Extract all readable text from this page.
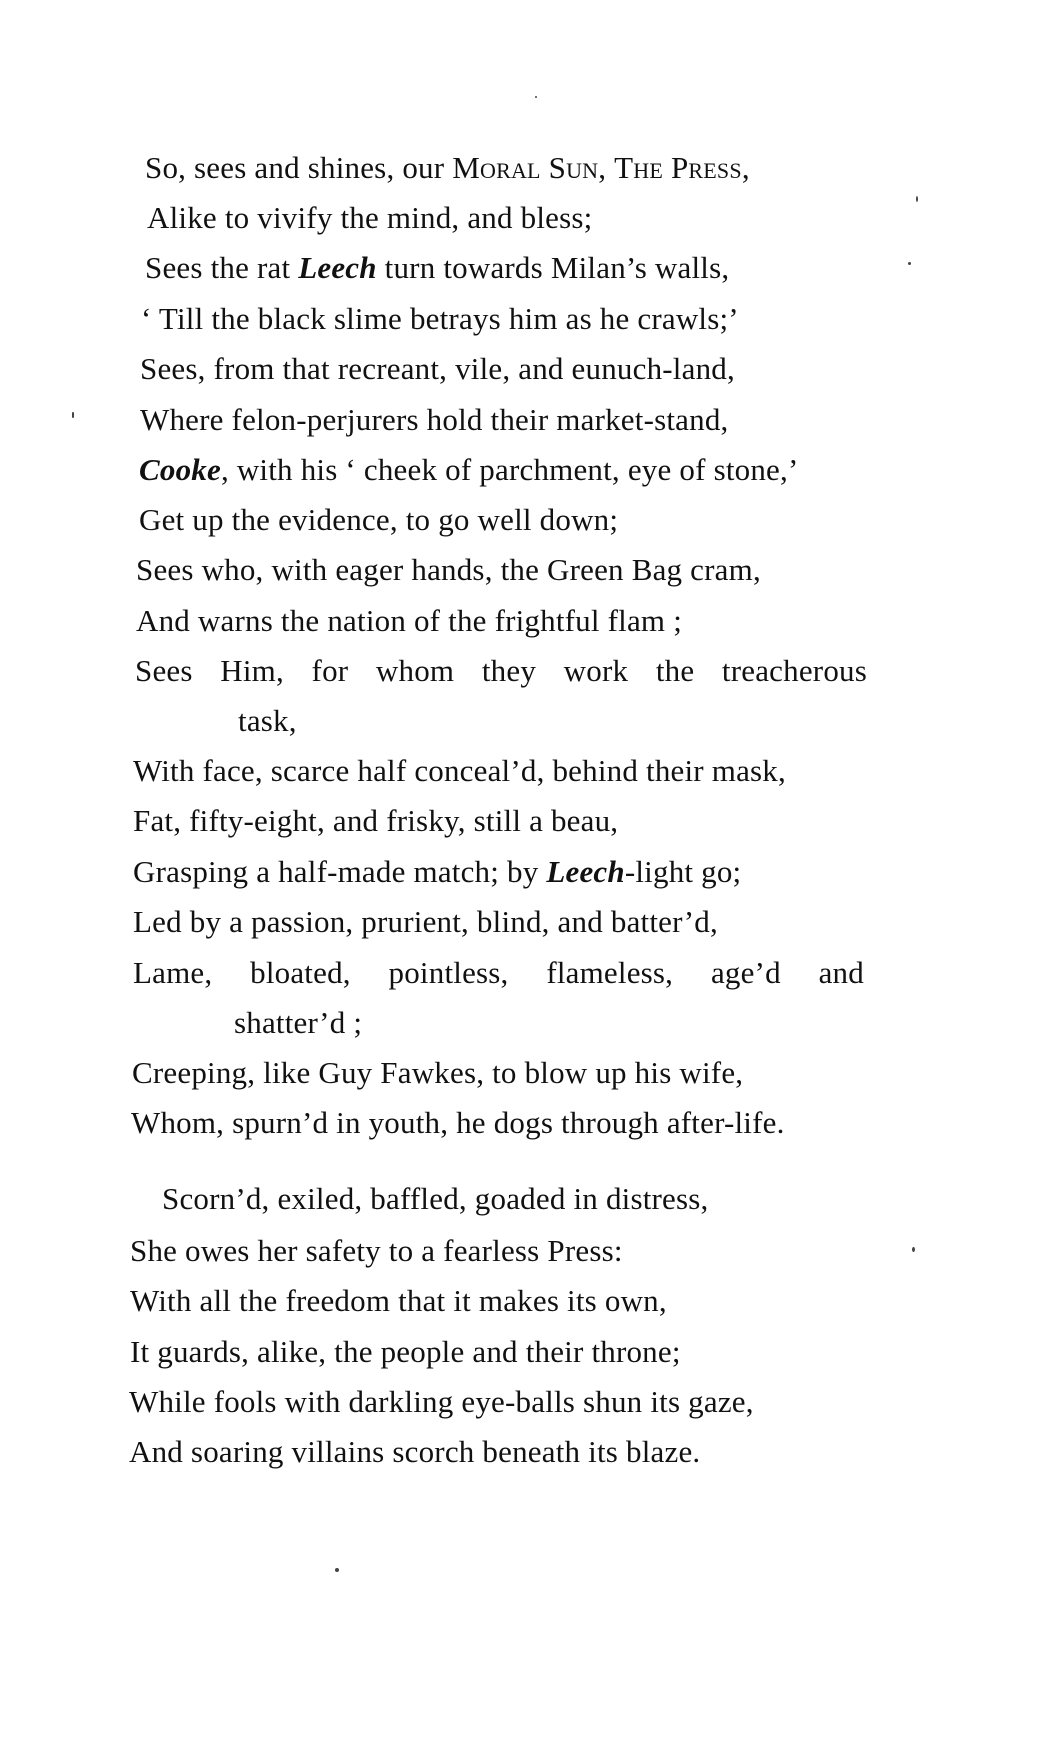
So, sees and shines, our Moral Sun, The Press,
Alike to vivify the mind, and bless;
Sees the rat Leech turn towards Milan’s walls,
‘ Till the black slime betrays him as he crawls;’
Sees, from that recreant, vile, and eunuch-land,
Where felon-perjurers hold their market-stand,
Cooke, with his ‘ cheek of parchment, eye of stone,’
Get up the evidence, to go well down;
Sees who, with eager hands, the Green Bag cram,
And warns the nation of the frightful flam ;
Sees Him, for whom they work the treacherous
task,
With face, scarce half conceal’d, behind their mask,
Fat, fifty-eight, and frisky, still a beau,
Grasping a half-made match; by Leech-light go;
Led by a passion, prurient, blind, and batter’d,
Lame, bloated, pointless, flameless, age’d and
shatter’d ;
Creeping, like Guy Fawkes, to blow up his wife,
Whom, spurn’d in youth, he dogs through after-life.
Scorn’d, exiled, baffled, goaded in distress,
She owes her safety to a fearless Press:
With all the freedom that it makes its own,
It guards, alike, the people and their throne;
While fools with darkling eye-balls shun its gaze,
And soaring villains scorch beneath its blaze.
